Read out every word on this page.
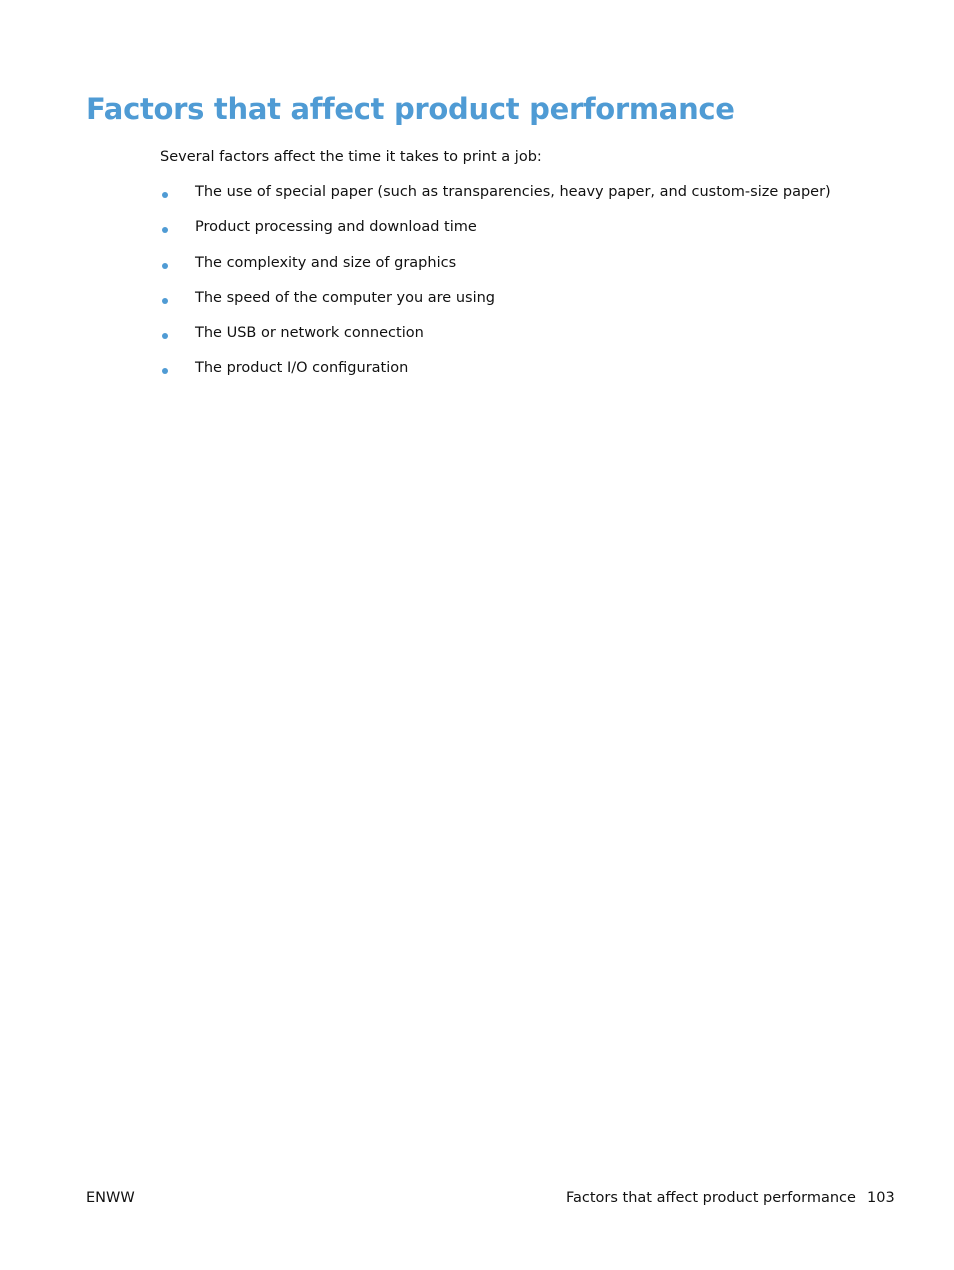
Factors that affect product performance
Several factors affect the time it takes to print a job:
The use of special paper (such as transparencies, heavy paper, and custom-size paper)
Product processing and download time
The complexity and size of graphics
The speed of the computer you are using
The USB or network connection
The product I/O configuration
ENWW	Factors that affect product performance 103
